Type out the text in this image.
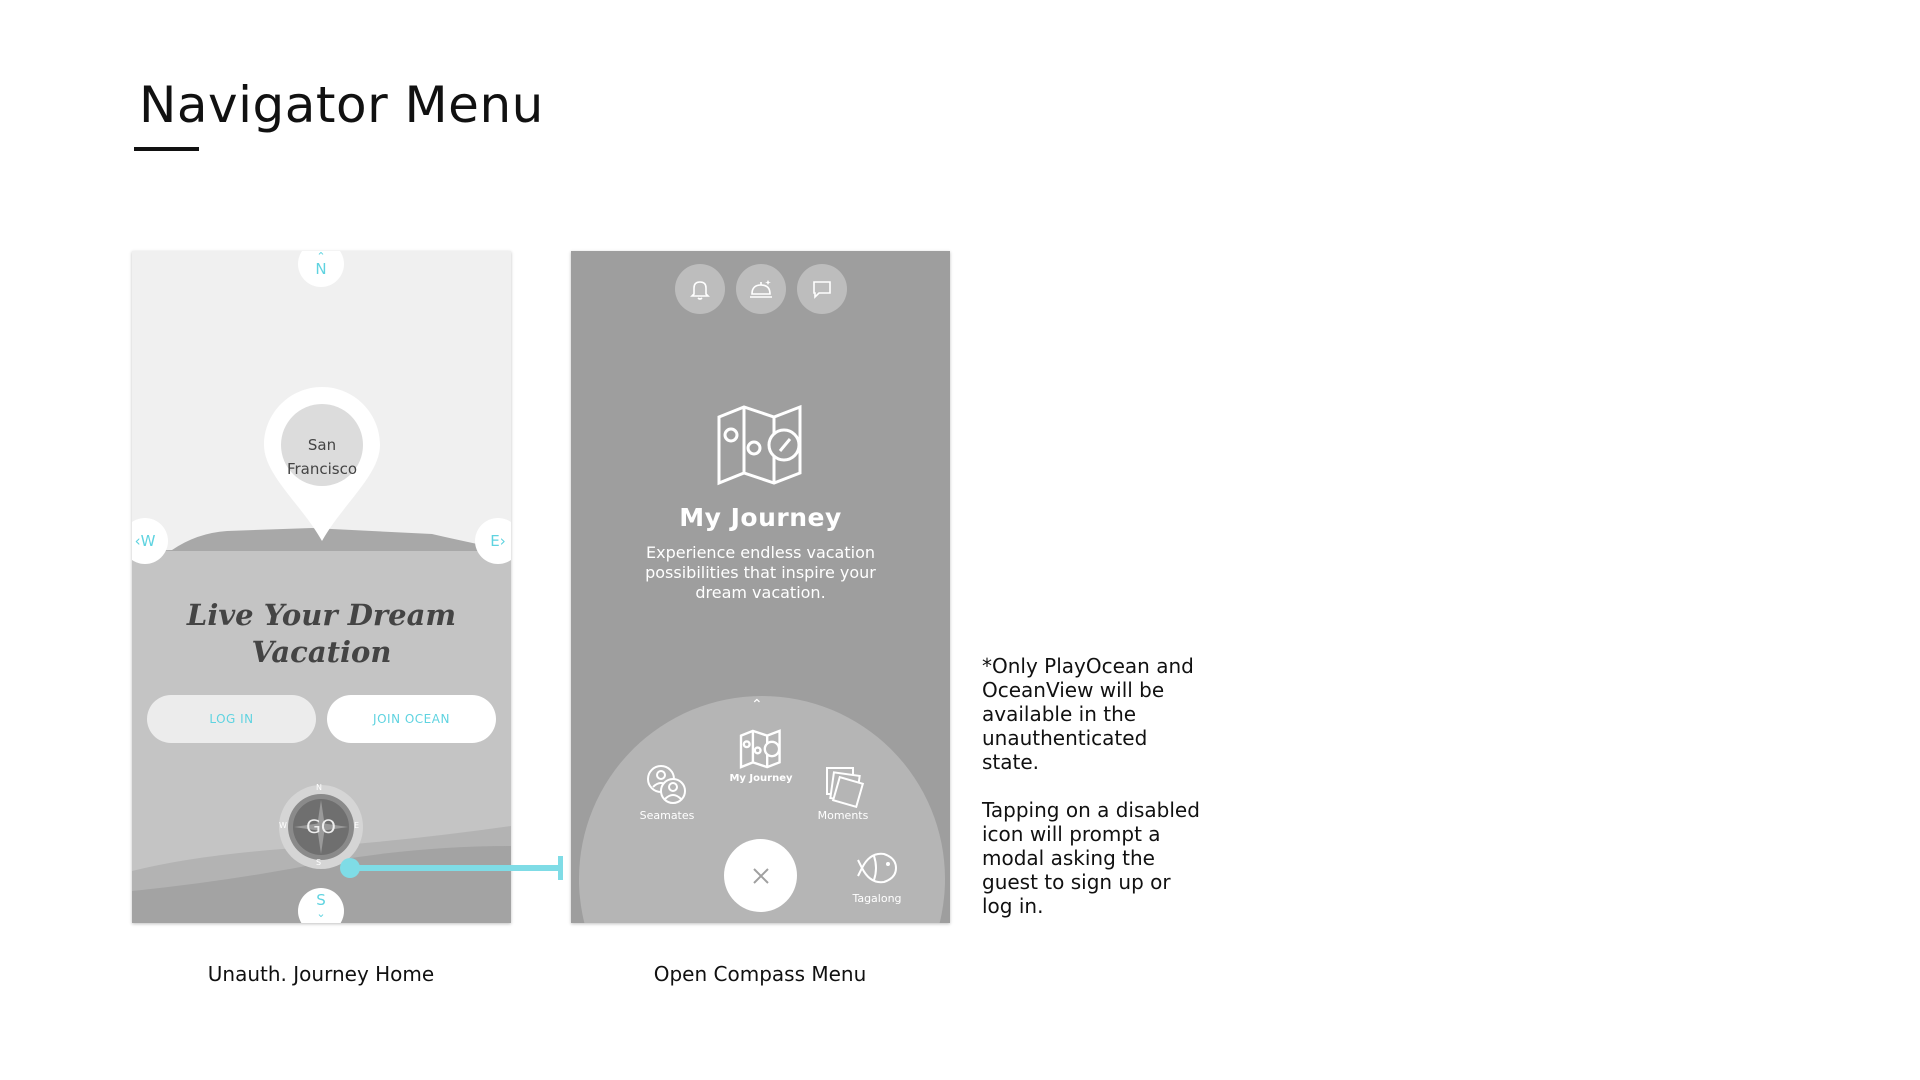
Navigator Menu
San
Francisco
⌃
N
‹ W	E ›
S
⌄
Live Your Dream
Vacation
LOG IN	JOIN OCEAN
GO
N
S
W	E
My Journey
Experience endless vacation possibilities that inspire your dream vacation.
⌃
Seamates
My Journey
Moments
Tagalong
Unauth. Journey Home	Open Compass Menu

*Only PlayOcean and OceanView will be available in the unauthenticated state.

Tapping on a disabled icon will prompt a modal asking the guest to sign up or log in.
